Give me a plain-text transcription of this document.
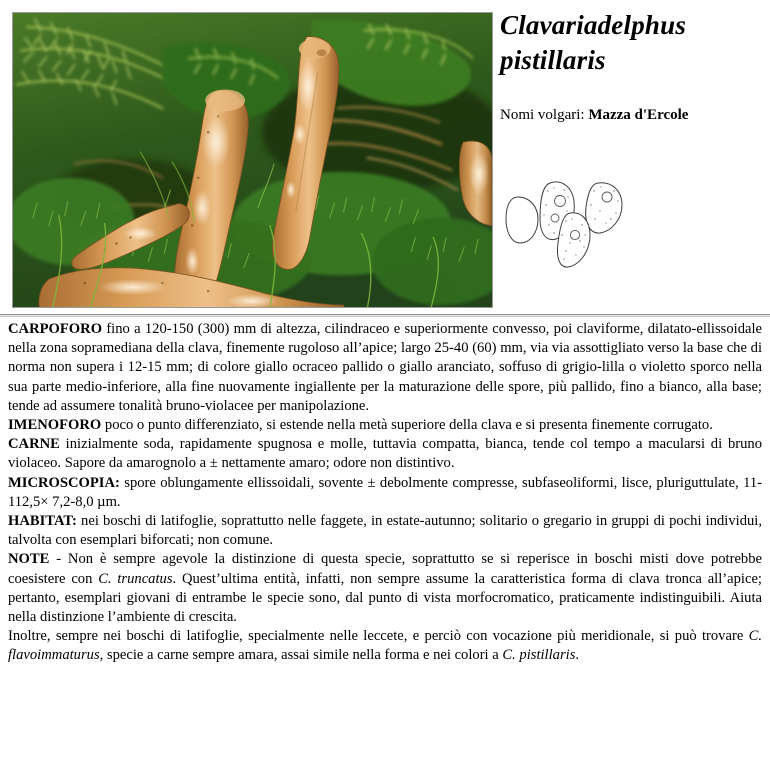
Clavariadelphus
pistillaris

Nomi volgari: Mazza d'Ercole

CARPOFORO fino a 120-150 (300) mm di altezza, cilindraceo e superiormente convesso, poi claviforme, dilatato-ellissoidale nella zona sopramediana della clava, finemente rugoloso all’apice; largo 25-40 (60) mm, via via assottigliato verso la base che di norma non supera i 12-15 mm; di colore giallo ocraceo pallido o giallo aranciato, soffuso di grigio-lilla o violetto sporco nella sua parte medio-inferiore, alla fine nuovamente ingiallente per la maturazione delle spore, più pallido, fino a bianco, alla base; tende ad assumere tonalità bruno-violacee per manipolazione.

IMENOFORO poco o punto differenziato, si estende nella metà superiore della clava e si presenta finemente corrugato.

CARNE inizialmente soda, rapidamente spugnosa e molle, tuttavia compatta, bianca, tende col tempo a macularsi di bruno violaceo. Sapore da amarognolo a ± nettamente amaro; odore non distintivo.

MICROSCOPIA: spore oblungamente ellissoidali, sovente ± debolmente compresse, subfaseoliformi, lisce, pluriguttulate, 11-112,5× 7,2-8,0 µm.

HABITAT: nei boschi di latifoglie, soprattutto nelle faggete, in estate-autunno; solitario o gregario in gruppi di pochi individui, talvolta con esemplari biforcati; non comune.

NOTE - Non è sempre agevole la distinzione di questa specie, soprattutto se si reperisce in boschi misti dove potrebbe coesistere con C. truncatus. Quest’ultima entità, infatti, non sempre assume la caratteristica forma di clava tronca all’apice; pertanto, esemplari giovani di entrambe le specie sono, dal punto di vista morfocromatico, praticamente indistinguibili. Aiuta nella distinzione l’ambiente di crescita.

Inoltre, sempre nei boschi di latifoglie, specialmente nelle leccete, e perciò con vocazione più meridionale, si può trovare C. flavoimmaturus, specie a carne sempre amara, assai simile nella forma e nei colori a C. pistillaris.
